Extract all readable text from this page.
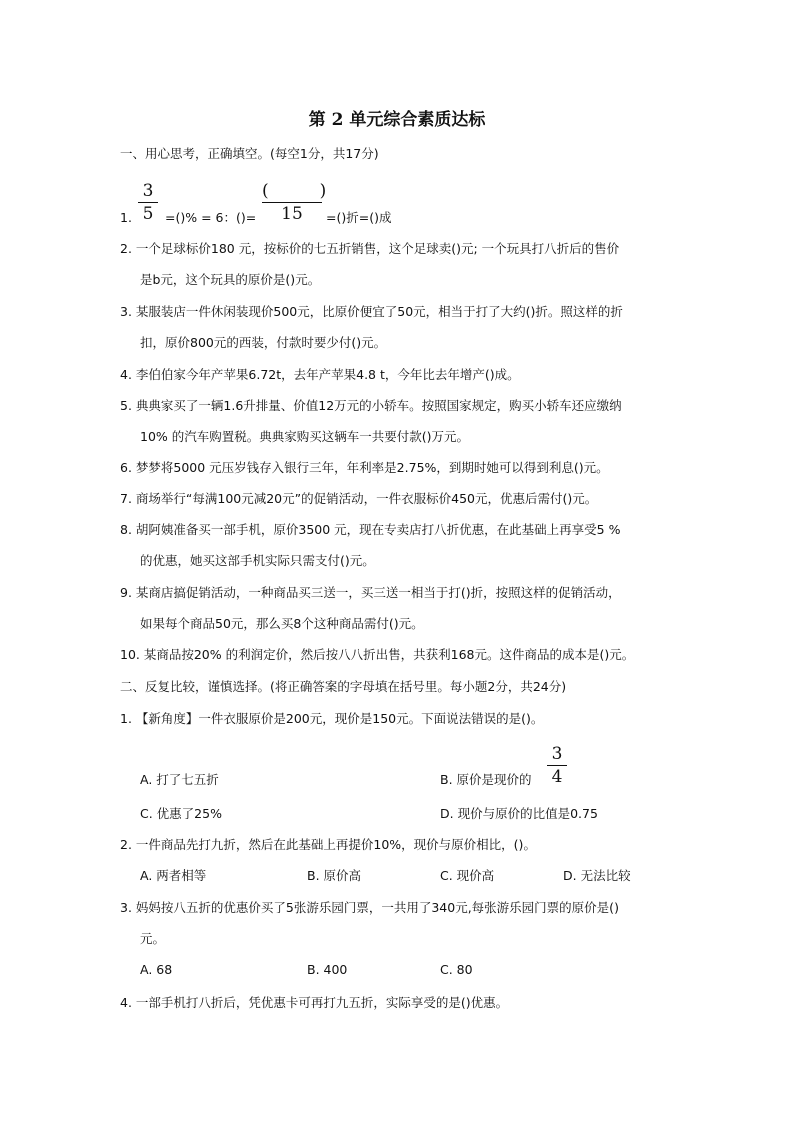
第 2 单元综合素质达标
一、用心思考，正确填空。(每空1分，共17分)
1.
3
5 =()% = 6：()=
(　　　)
15	=()折=()成
2. 一个足球标价180 元，按标价的七五折销售，这个足球卖()元; 一个玩具打八折后的售价
是b元，这个玩具的原价是()元。
3. 某服装店一件休闲装现价500元，比原价便宜了50元，相当于打了大约()折。照这样的折
扣，原价800元的西装，付款时要少付()元。
4. 李伯伯家今年产苹果6.72t，去年产苹果4.8 t，今年比去年增产()成。
5. 典典家买了一辆1.6升排量、价值12万元的小轿车。按照国家规定，购买小轿车还应缴纳
10% 的汽车购置税。典典家购买这辆车一共要付款()万元。
6. 梦梦将5000 元压岁钱存入银行三年，年利率是2.75%，到期时她可以得到利息()元。
7. 商场举行“每满100元减20元”的促销活动，一件衣服标价450元，优惠后需付()元。
8. 胡阿姨准备买一部手机，原价3500 元，现在专卖店打八折优惠，在此基础上再享受5 %
的优惠，她买这部手机实际只需支付()元。
9. 某商店搞促销活动，一种商品买三送一，买三送一相当于打()折，按照这样的促销活动，
如果每个商品50元，那么买8个这种商品需付()元。
10. 某商品按20% 的利润定价，然后按八八折出售，共获利168元。这件商品的成本是()元。
二、反复比较，谨慎选择。(将正确答案的字母填在括号里。每小题2分，共24分)
1. 【新角度】一件衣服原价是200元，现价是150元。下面说法错误的是()。
A. 打了七五折	B. 原价是现价的
3
4
C. 优惠了25%	D. 现价与原价的比值是0.75
2. 一件商品先打九折，然后在此基础上再提价10%，现价与原价相比，()。
A. 两者相等	B. 原价高	C. 现价高	D. 无法比较
3. 妈妈按八五折的优惠价买了5张游乐园门票，一共用了340元,每张游乐园门票的原价是()
元。
A. 68	B. 400	C. 80
4. 一部手机打八折后，凭优惠卡可再打九五折，实际享受的是()优惠。
